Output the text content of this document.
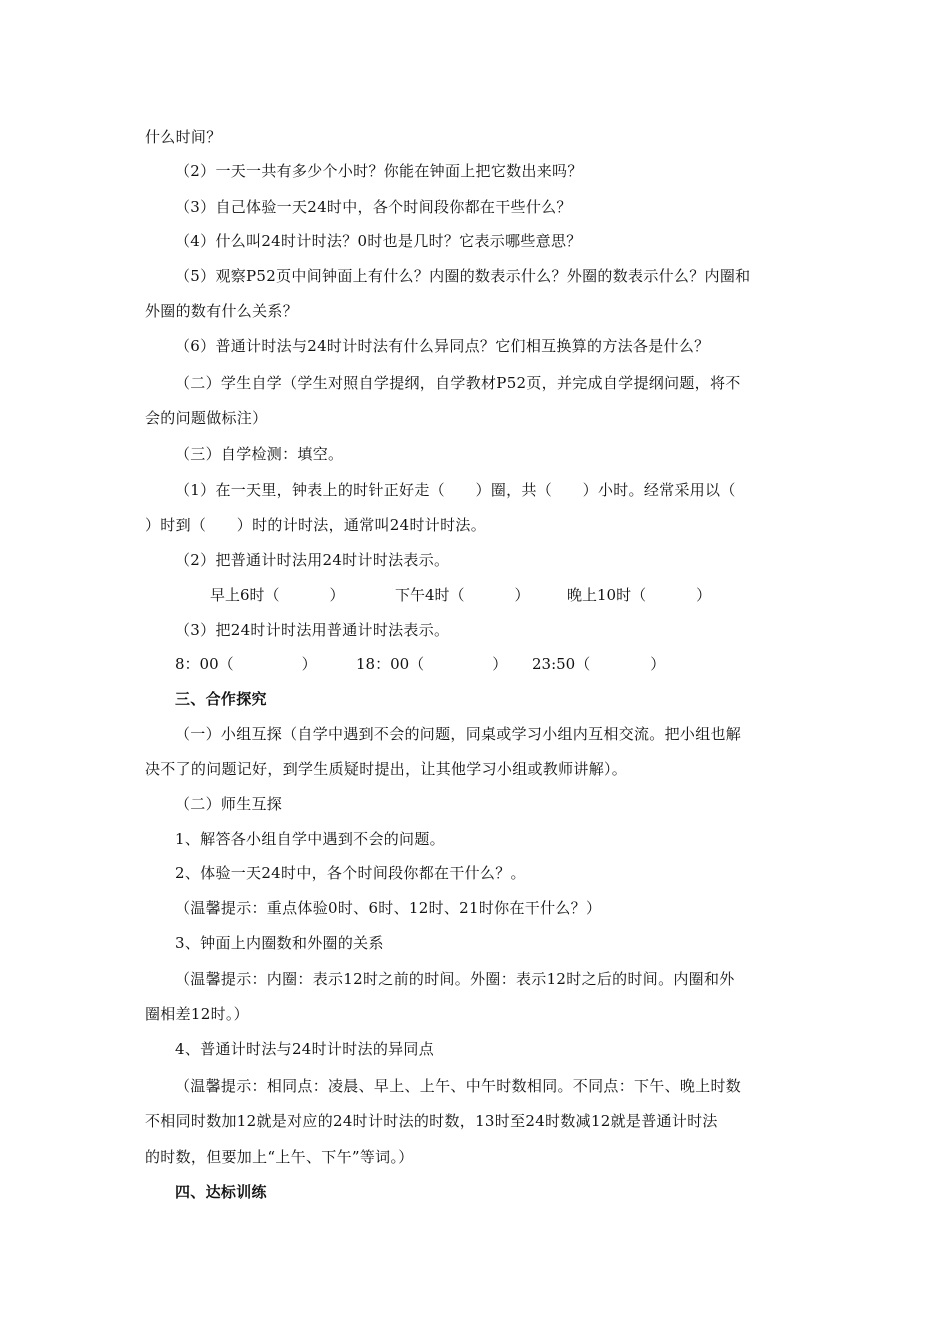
什么时间？
（2）一天一共有多少个小时？你能在钟面上把它数出来吗？
（3）自己体验一天24时中，各个时间段你都在干些什么？
（4）什么叫24时计时法？0时也是几时？它表示哪些意思？
（5）观察P52页中间钟面上有什么？内圈的数表示什么？外圈的数表示什么？内圈和
外圈的数有什么关系？
（6）普通计时法与24时计时法有什么异同点？它们相互换算的方法各是什么？
（二）学生自学（学生对照自学提纲，自学教材P52页，并完成自学提纲问题，将不
会的问题做标注）
（三）自学检测：填空。
（1）在一天里，钟表上的时针正好走（　　）圈，共（　　）小时。经常采用以（
）时到（　　）时的计时法，通常叫24时计时法。
（2）把普通计时法用24时计时法表示。
早上6时（	）	下午4时（	） 晚上10时（	）
（3）把24时计时法用普通计时法表示。
8：00（	）	18：00（	） 23:50（	）
三、合作探究
（一）小组互探（自学中遇到不会的问题，同桌或学习小组内互相交流。把小组也解
决不了的问题记好，到学生质疑时提出，让其他学习小组或教师讲解）。
（二）师生互探
1、解答各小组自学中遇到不会的问题。
2、体验一天24时中，各个时间段你都在干什么？。
（温馨提示：重点体验0时、6时、12时、21时你在干什么？）
3、钟面上内圈数和外圈的关系
（温馨提示：内圈：表示12时之前的时间。外圈：表示12时之后的时间。内圈和外
圈相差12时。）
4、普通计时法与24时计时法的异同点
（温馨提示：相同点：凌晨、早上、上午、中午时数相同。不同点：下午、晚上时数
不相同时数加12就是对应的24时计时法的时数，13时至24时数减12就是普通计时法
的时数，但要加上“上午、下午”等词。）
四、达标训练
